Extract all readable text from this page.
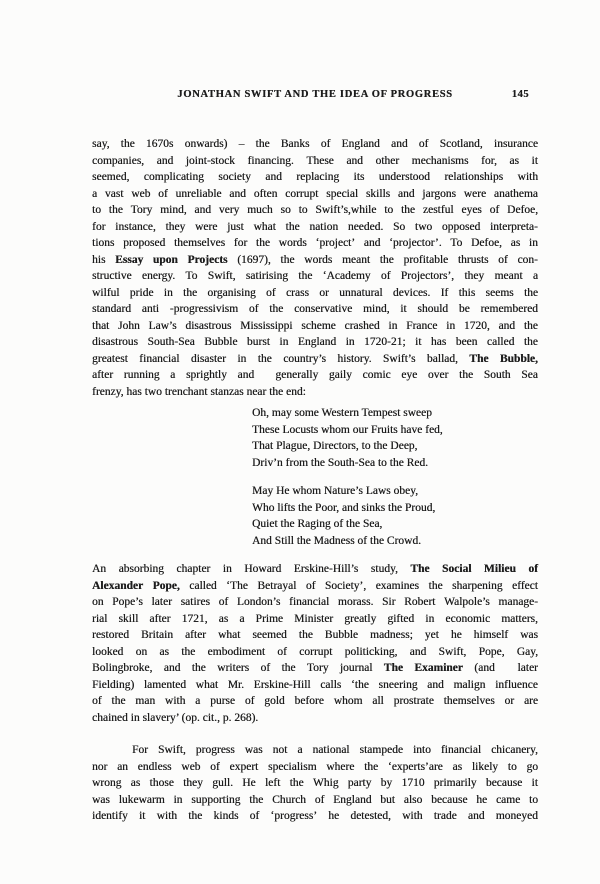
JONATHAN SWIFT AND THE IDEA OF PROGRESS	145
say, the 1670s onwards) – the Banks of England and of Scotland, insurance
companies, and joint-stock financing. These and other mechanisms for, as it
seemed, complicating society and replacing its understood relationships with
a vast web of unreliable and often corrupt special skills and jargons were anathema
to the Tory mind, and very much so to Swift’s,while to the zestful eyes of Defoe,
for instance, they were just what the nation needed. So two opposed interpreta-
tions proposed themselves for the words ‘project’ and ‘projector’. To Defoe, as in
his Essay upon Projects (1697), the words meant the profitable thrusts of con-
structive energy. To Swift, satirising the ‘Academy of Projectors’, they meant a
wilful pride in the organising of crass or unnatural devices. If this seems the
standard anti -progressivism of the conservative mind, it should be remembered
that John Law’s disastrous Mississippi scheme crashed in France in 1720, and the
disastrous South-Sea Bubble burst in England in 1720-21; it has been called the
greatest financial disaster in the country’s history. Swift’s ballad, The Bubble,
after running a sprightly and generally gaily comic eye over the South Sea
frenzy, has two trenchant stanzas near the end:
Oh, may some Western Tempest sweep
These Locusts whom our Fruits have fed,
That Plague, Directors, to the Deep,
Driv’n from the South-Sea to the Red.
May He whom Nature’s Laws obey,
Who lifts the Poor, and sinks the Proud,
Quiet the Raging of the Sea,
And Still the Madness of the Crowd.
An absorbing chapter in Howard Erskine-Hill’s study, The Social Milieu of
Alexander Pope, called ‘The Betrayal of Society’, examines the sharpening effect
on Pope’s later satires of London’s financial morass. Sir Robert Walpole’s manage-
rial skill after 1721, as a Prime Minister greatly gifted in economic matters,
restored Britain after what seemed the Bubble madness; yet he himself was
looked on as the embodiment of corrupt politicking, and Swift, Pope, Gay,
Bolingbroke, and the writers of the Tory journal The Examiner (and later
Fielding) lamented what Mr. Erskine-Hill calls ‘the sneering and malign influence
of the man with a purse of gold before whom all prostrate themselves or are
chained in slavery’ (op. cit., p. 268).
For Swift, progress was not a national stampede into financial chicanery,
nor an endless web of expert specialism where the ‘experts’are as likely to go
wrong as those they gull. He left the Whig party by 1710 primarily because it
was lukewarm in supporting the Church of England but also because he came to
identify it with the kinds of ‘progress’ he detested, with trade and moneyed
